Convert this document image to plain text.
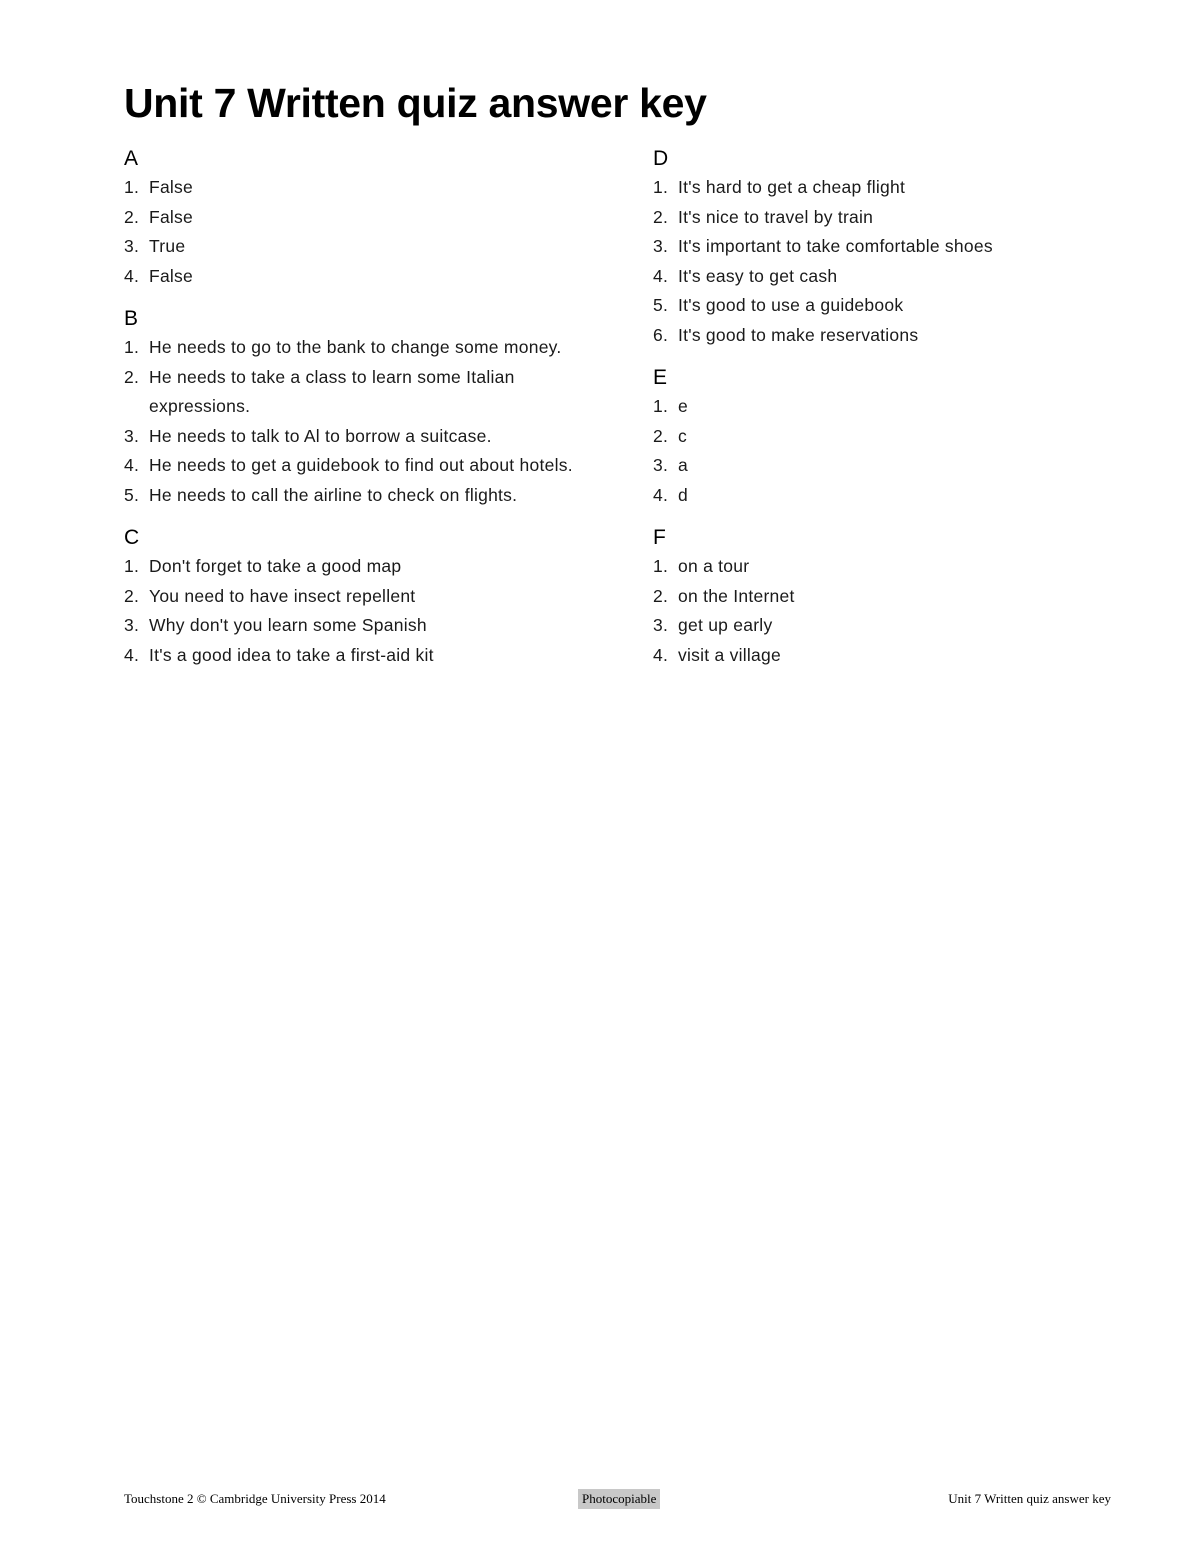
Unit 7 Written quiz answer key
A
1. False
2. False
3. True
4. False
B
1. He needs to go to the bank to change some money.
2. He needs to take a class to learn some Italian expressions.
3. He needs to talk to Al to borrow a suitcase.
4. He needs to get a guidebook to find out about hotels.
5. He needs to call the airline to check on flights.
C
1. Don't forget to take a good map
2. You need to have insect repellent
3. Why don't you learn some Spanish
4. It's a good idea to take a first-aid kit
D
1. It's hard to get a cheap flight
2. It's nice to travel by train
3. It's important to take comfortable shoes
4. It's easy to get cash
5. It's good to use a guidebook
6. It's good to make reservations
E
1. e
2. c
3. a
4. d
F
1. on a tour
2. on the Internet
3. get up early
4. visit a village
Touchstone 2 © Cambridge University Press 2014	Photocopiable	Unit 7 Written quiz answer key
